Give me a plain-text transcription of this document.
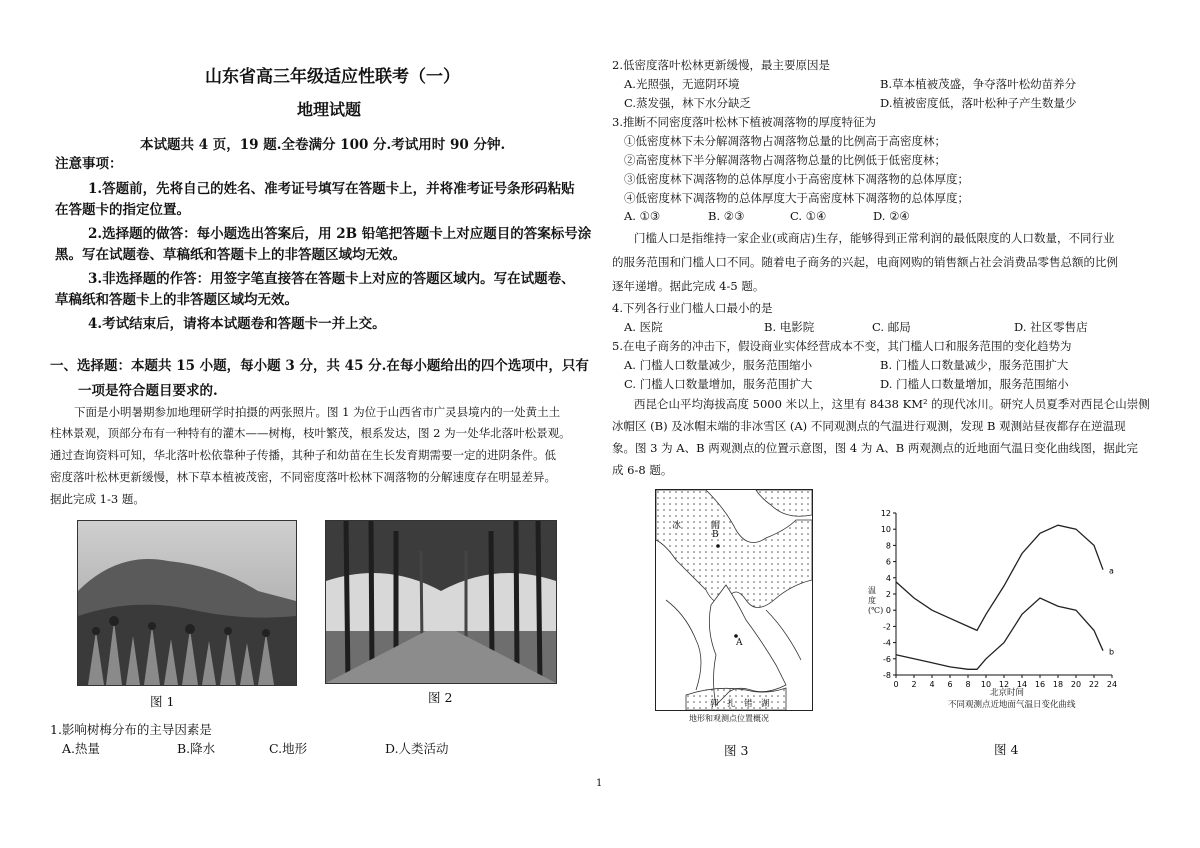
山东省高三年级适应性联考（一）
地理试题
本试题共 4 页，19 题.全卷满分 100 分.考试用时 90 分钟.
注意事项：
1.答题前，先将自己的姓名、准考证号填写在答题卡上，并将准考证号条形码粘贴
在答题卡的指定位置。
2.选择题的做答：每小题选出答案后，用 2B 铅笔把答题卡上对应题目的答案标号涂
黑。写在试题卷、草稿纸和答题卡上的非答题区域均无效。
3.非选择题的作答：用签字笔直接答在答题卡上对应的答题区域内。写在试题卷、
草稿纸和答题卡上的非答题区域均无效。
4.考试结束后，请将本试题卷和答题卡一并上交。
一、选择题：本题共 15 小题，每小题 3 分，共 45 分.在每小题给出的四个选项中，只有
一项是符合题目要求的.
下面是小明暑期参加地理研学时拍摄的两张照片。图 1 为位于山西省市广灵县境内的一处黄土土
柱林景观，顶部分布有一种特有的灌木——树梅，枝叶繁茂，根系发达，图 2 为一处华北落叶松景观。
通过查询资料可知，华北落叶松依靠种子传播，其种子和幼苗在生长发育期需要一定的进阴条件。低
密度落叶松林更新缓慢，林下草本植被茂密，不同密度落叶松林下凋落物的分解速度存在明显差异。
据此完成 1-3 题。
图 1	图 2
1.影响树梅分布的主导因素是
A.热量	B.降水	C.地形	D.人类活动
2.低密度落叶松林更新缓慢，最主要原因是
A.光照强，无遮阴环境	B.草本植被茂盛，争夺落叶松幼苗养分
C.蒸发强，林下水分缺乏	D.植被密度低，落叶松种子产生数量少
3.推断不同密度落叶松林下植被凋落物的厚度特征为
①低密度林下未分解凋落物占凋落物总量的比例高于高密度林；
②高密度林下半分解凋落物占凋落物总量的比例低于低密度林；
③低密度林下凋落物的总体厚度小于高密度林下凋落物的总体厚度；
④低密度林下凋落物的总体厚度大于高密度林下凋落物的总体厚度；
A. ①③	B. ②③	C. ①④	D. ②④
门槛人口是指维持一家企业(或商店)生存，能够得到正常利润的最低限度的人口数量，不同行业
的服务范围和门槛人口不同。随着电子商务的兴起，电商网购的销售额占社会消费品零售总额的比例
逐年递增。据此完成 4-5 题。
4.下列各行业门槛人口最小的是
A. 医院	B. 电影院	C. 邮局	D. 社区零售店
5.在电子商务的冲击下，假设商业实体经营成本不变，其门槛人口和服务范围的变化趋势为
A. 门槛人口数量减少，服务范围缩小	B. 门槛人口数量减少，服务范围扩大
C. 门槛人口数量增加，服务范围扩大	D. 门槛人口数量增加，服务范围缩小
西昆仑山平均海拔高度 5000 米以上，这里有 8438 KM² 的现代冰川。研究人员夏季对西昆仑山崇侧
冰帽区 (B) 及冰帽末端的非冰雪区 (A) 不同观测点的气温进行观测，发现 B 观测站昼夜都存在逆温现
象。图 3 为 A、B 两观测点的位置示意图，图 4 为 A、B 两观测点的近地面气温日变化曲线图，据此完
成 6-8 题。
冰	帽
B
A
郭　扎　错　湖
地形和观测点位置概况
图 3
-8
-6
-4
-2
0
2
4
6
8
10
12
0 2 4 6 8 10 12 14 16 18 20 22 24
a
b
温度(℃)
北京时间
不同观测点近地面气温日变化曲线
图 4
1
